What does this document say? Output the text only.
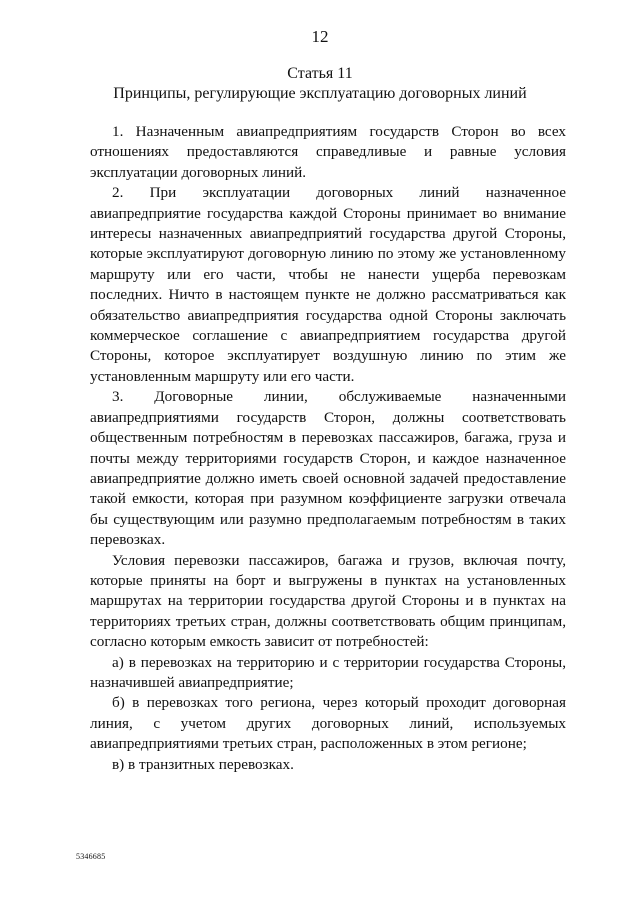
12
Статья 11
Принципы, регулирующие эксплуатацию договорных линий

1. Назначенным авиапредприятиям государств Сторон во всех отношениях предоставляются справедливые и равные условия эксплуатации договорных линий.

2. При эксплуатации договорных линий назначенное авиапредприятие государства каждой Стороны принимает во внимание интересы назначенных авиапредприятий государства другой Стороны, которые эксплуатируют договорную линию по этому же установленному маршруту или его части, чтобы не нанести ущерба перевозкам последних. Ничто в настоящем пункте не должно рассматриваться как обязательство авиапредприятия государства одной Стороны заключать коммерческое соглашение с авиапредприятием государства другой Стороны, которое эксплуатирует воздушную линию по этим же установленным маршруту или его части.

3. Договорные линии, обслуживаемые назначенными авиапредприятиями государств Сторон, должны соответствовать общественным потребностям в перевозках пассажиров, багажа, груза и почты между территориями государств Сторон, и каждое назначенное авиапредприятие должно иметь своей основной задачей предоставление такой емкости, которая при разумном коэффициенте загрузки отвечала бы существующим или разумно предполагаемым потребностям в таких перевозках.

Условия перевозки пассажиров, багажа и грузов, включая почту, которые приняты на борт и выгружены в пунктах на установленных маршрутах на территории государства другой Стороны и в пунктах на территориях третьих стран, должны соответствовать общим принципам, согласно которым емкость зависит от потребностей:

а) в перевозках на территорию и с территории государства Стороны, назначившей авиапредприятие;

б) в перевозках того региона, через который проходит договорная линия, с учетом других договорных линий, используемых авиапредприятиями третьих стран, расположенных в этом регионе;

в) в транзитных перевозках.

5346685
